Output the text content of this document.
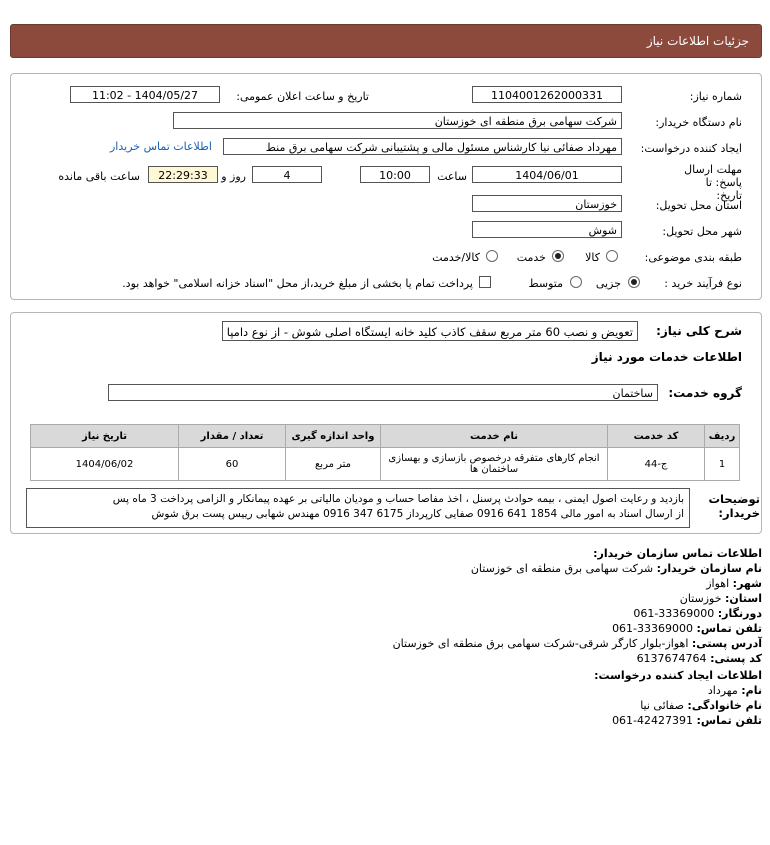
جزئیات اطلاعات نیاز
شماره نیاز:
1104001262000331
تاریخ و ساعت اعلان عمومی:
1404/05/27 - 11:02
نام دستگاه خریدار:
شرکت سهامی برق منطقه ای خوزستان
ایجاد کننده درخواست:
مهرداد صفائی نیا کارشناس مسئول مالی و پشتیبانی شرکت سهامی برق منط
اطلاعات تماس خریدار
مهلت ارسال پاسخ: تا تاریخ:
1404/06/01
ساعت
10:00
4
روز و
22:29:33
ساعت باقی مانده
استان محل تحویل:
خوزستان
شهر محل تحویل:
شوش
طبقه بندی موضوعی:
کالا
خدمت
کالا/خدمت
نوع فرآیند خرید :
جزیی
متوسط
پرداخت تمام یا بخشی از مبلغ خرید،از محل "اسناد خزانه اسلامی" خواهد بود.
شرح کلی نیاز:
تعویض و نصب 60 متر مربع سقف کاذب کلید خانه ایستگاه اصلی شوش - از نوع دامپا
اطلاعات خدمات مورد نیاز
گروه خدمت:
ساختمان
ردیف	کد خدمت	نام خدمت	واحد اندازه گیری	تعداد / مقدار	تاریخ نیاز
1	ج-44	انجام کارهای متفرقه درخصوص بازسازی و بهسازی ساختمان ها	متر مربع	60	1404/06/02
توضیحات خریدار:
بازدید و رعایت اصول ایمنی ، بیمه حوادث پرسنل ، اخذ مفاصا حساب و مودیان مالیاتی بر عهده پیمانکار و الزامی پرداخت 3 ماه پس
از ارسال اسناد به امور مالی 1854 641 0916 صفایی کارپرداز 6175 347 0916 مهندس شهابی رییس پست برق شوش
اطلاعات تماس سازمان خریدار:
نام سازمان خریدار: شرکت سهامی برق منطقه ای خوزستان
شهر: اهواز
استان: خوزستان
دورنگار: 061-33369000
تلفن تماس: 061-33369000
آدرس پستی: اهواز-بلوار کارگر شرقی-شرکت سهامی برق منطقه ای خوزستان
کد پستی: 6137674764
اطلاعات ایجاد کننده درخواست:
نام: مهرداد
نام خانوادگی: صفائی نیا
تلفن تماس: 061-42427391
